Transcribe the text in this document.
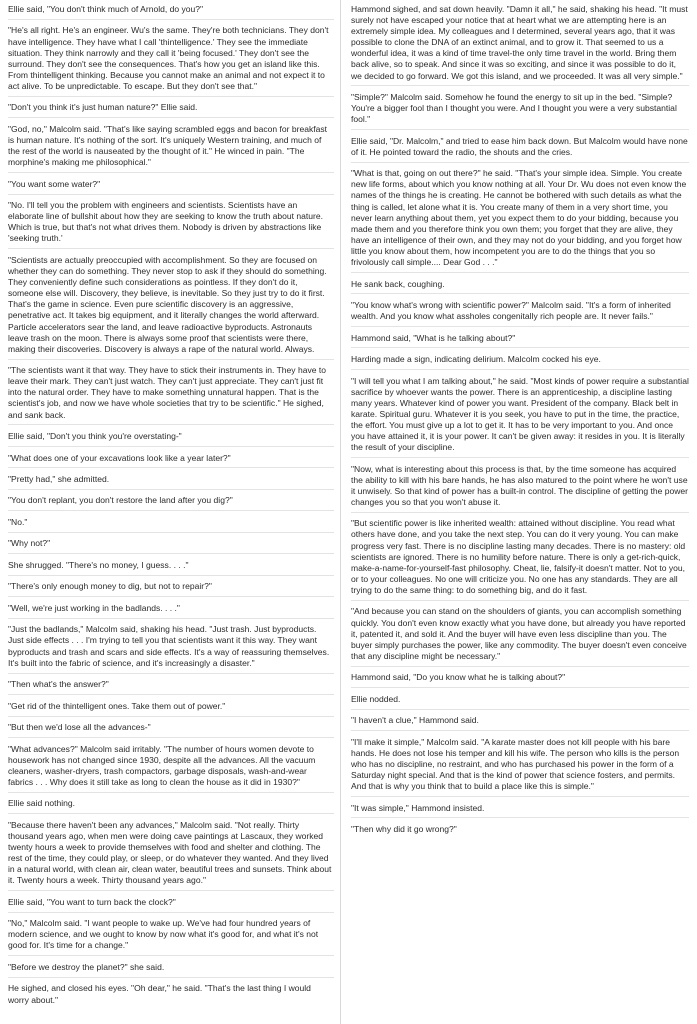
Ellie said, "You don't think much of Arnold, do you?"

"He's all right. He's an engineer. Wu's the same. They're both technicians. They don't have intelligence. They have what I call 'thintelligence.' They see the immediate situation. They think narrowly and they call it 'being focused.' They don't see the surround. They don't see the consequences. That's how you get an island like this. From thintelligent thinking. Because you cannot make an animal and not expect it to act alive. To be unpredictable. To escape. But they don't see that."

"Don't you think it's just human nature?" Ellie said.

"God, no," Malcolm said. "That's like saying scrambled eggs and bacon for breakfast is human nature. It's nothing of the sort. It's uniquely Western training, and much of the rest of the world is nauseated by the thought of it." He winced in pain. "The morphine's making me philosophical."

"You want some water?"

"No. I'll tell you the problem with engineers and scientists. Scientists have an elaborate line of bullshit about how they are seeking to know the truth about nature. Which is true, but that's not what drives them. Nobody is driven by abstractions like 'seeking truth.'

"Scientists are actually preoccupied with accomplishment. So they are focused on whether they can do something. They never stop to ask if they should do something. They conveniently define such considerations as pointless. If they don't do it, someone else will. Discovery, they believe, is inevitable. So they just try to do it first. That's the game in science. Even pure scientific discovery is an aggressive, penetrative act. It takes big equipment, and it literally changes the world afterward. Particle accelerators sear the land, and leave radioactive byproducts. Astronauts leave trash on the moon. There is always some proof that scientists were there, making their discoveries. Discovery is always a rape of the natural world. Always.

"The scientists want it that way. They have to stick their instruments in. They have to leave their mark. They can't just watch. They can't just appreciate. They can't just fit into the natural order. They have to make something unnatural happen. That is the scientist's job, and now we have whole societies that try to be scientific." He sighed, and sank back.

Ellie said, "Don't you think you're overstating-"

"What does one of your excavations look like a year later?"

"Pretty had," she admitted.

"You don't replant, you don't restore the land after you dig?"

"No."

"Why not?"

She shrugged. "There's no money, I guess. . . ."

"There's only enough money to dig, but not to repair?"

"Well, we're just working in the badlands. . . ."

"Just the badlands," Malcolm said, shaking his head. "Just trash. Just byproducts. Just side effects . . . I'm trying to tell you that scientists want it this way. They want byproducts and trash and scars and side effects. It's a way of reassuring themselves. It's built into the fabric of science, and it's increasingly a disaster."

"Then what's the answer?"

"Get rid of the thintelligent ones. Take them out of power."

"But then we'd lose all the advances-"

"What advances?" Malcolm said irritably. "The number of hours women devote to housework has not changed since 1930, despite all the advances. All the vacuum cleaners, washer-dryers, trash compactors, garbage disposals, wash-and-wear fabrics . . . Why does it still take as long to clean the house as it did in 1930?"

Ellie said nothing.

"Because there haven't been any advances," Malcolm said. "Not really. Thirty thousand years ago, when men were doing cave paintings at Lascaux, they worked twenty hours a week to provide themselves with food and shelter and clothing. The rest of the time, they could play, or sleep, or do whatever they wanted. And they lived in a natural world, with clean air, clean water, beautiful trees and sunsets. Think about it. Twenty hours a week. Thirty thousand years ago."

Ellie said, "You want to turn back the clock?"

"No," Malcolm said. "I want people to wake up. We've had four hundred years of modern science, and we ought to know by now what it's good for, and what it's not good for. It's time for a change."

"Before we destroy the planet?" she said.

He sighed, and closed his eyes. "Oh dear," he said. "That's the last thing I would worry about."

Hammond sighed, and sat down heavily. "Damn it all," he said, shaking his head. "It must surely not have escaped your notice that at heart what we are attempting here is an extremely simple idea. My colleagues and I determined, several years ago, that it was possible to clone the DNA of an extinct animal, and to grow it. That seemed to us a wonderful idea, it was a kind of time travel-the only time travel in the world. Bring them back alive, so to speak. And since it was so exciting, and since it was possible to do it, we decided to go forward. We got this island, and we proceeded. It was all very simple."

"Simple?" Malcolm said. Somehow he found the energy to sit up in the bed. "Simple? You're a bigger fool than I thought you were. And I thought you were a very substantial fool."

Ellie said, "Dr. Malcolm," and tried to ease him back down. But Malcolm would have none of it. He pointed toward the radio, the shouts and the cries.

"What is that, going on out there?" he said. "That's your simple idea. Simple. You create new life forms, about which you know nothing at all. Your Dr. Wu does not even know the names of the things he is creating. He cannot be bothered with such details as what the thing is called, let alone what it is. You create many of them in a very short time, you never learn anything about them, yet you expect them to do your bidding, because you made them and you therefore think you own them; you forget that they are alive, they have an intelligence of their own, and they may not do your bidding, and you forget how little you know about them, how incompetent you are to do the things that you so frivolously call simple.... Dear God . . ."

He sank back, coughing.

"You know what's wrong with scientific power?" Malcolm said. "It's a form of inherited wealth. And you know what assholes congenitally rich people are. It never fails."

Hammond said, "What is he talking about?"

Harding made a sign, indicating delirium. Malcolm cocked his eye.

"I will tell you what I am talking about," he said. "Most kinds of power require a substantial sacrifice by whoever wants the power. There is an apprenticeship, a discipline lasting many years. Whatever kind of power you want. President of the company. Black belt in karate. Spiritual guru. Whatever it is you seek, you have to put in the time, the practice, the effort. You must give up a lot to get it. It has to be very important to you. And once you have attained it, it is your power. It can't be given away: it resides in you. It is literally the result of your discipline.

"Now, what is interesting about this process is that, by the time someone has acquired the ability to kill with his bare hands, he has also matured to the point where he won't use it unwisely. So that kind of power has a built-in control. The discipline of getting the power changes you so that you won't abuse it.

"But scientific power is like inherited wealth: attained without discipline. You read what others have done, and you take the next step. You can do it very young. You can make progress very fast. There is no discipline lasting many decades. There is no mastery: old scientists are ignored. There is no humility before nature. There is only a get-rich-quick, make-a-name-for-yourself-fast philosophy. Cheat, lie, falsify-it doesn't matter. Not to you, or to your colleagues. No one will criticize you. No one has any standards. They are all trying to do the same thing: to do something big, and do it fast.

"And because you can stand on the shoulders of giants, you can accomplish something quickly. You don't even know exactly what you have done, but already you have reported it, patented it, and sold it. And the buyer will have even less discipline than you. The buyer simply purchases the power, like any commodity. The buyer doesn't even conceive that any discipline might be necessary."

Hammond said, "Do you know what he is talking about?"

Ellie nodded.

"I haven't a clue," Hammond said.

"I'll make it simple," Malcolm said. "A karate master does not kill people with his bare hands. He does not lose his temper and kill his wife. The person who kills is the person who has no discipline, no restraint, and who has purchased his power in the form of a Saturday night special. And that is the kind of power that science fosters, and permits. And that is why you think that to build a place like this is simple."

"It was simple," Hammond insisted.

"Then why did it go wrong?"
